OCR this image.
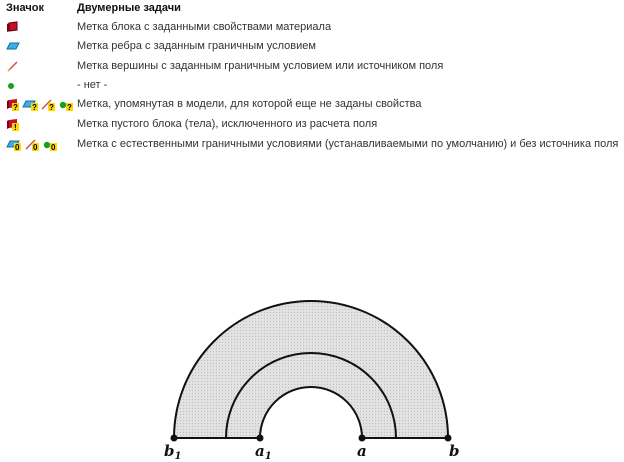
Значок	Двумерные задачи
Метка блока с заданными свойствами материала
Метка ребра с заданным граничным условием
Метка вершины с заданным граничным условием или источником поля
- нет -
? ? ? ? Метка, упомянутая в модели, для которой еще не заданы свойства
!	Метка пустого блока (тела), исключенного из расчета поля
0 0 0 Метка с естественными граничными условиями (устанавливаемыми по умолчанию) и без источника поля
$b_1$	$a_1$	a	b
